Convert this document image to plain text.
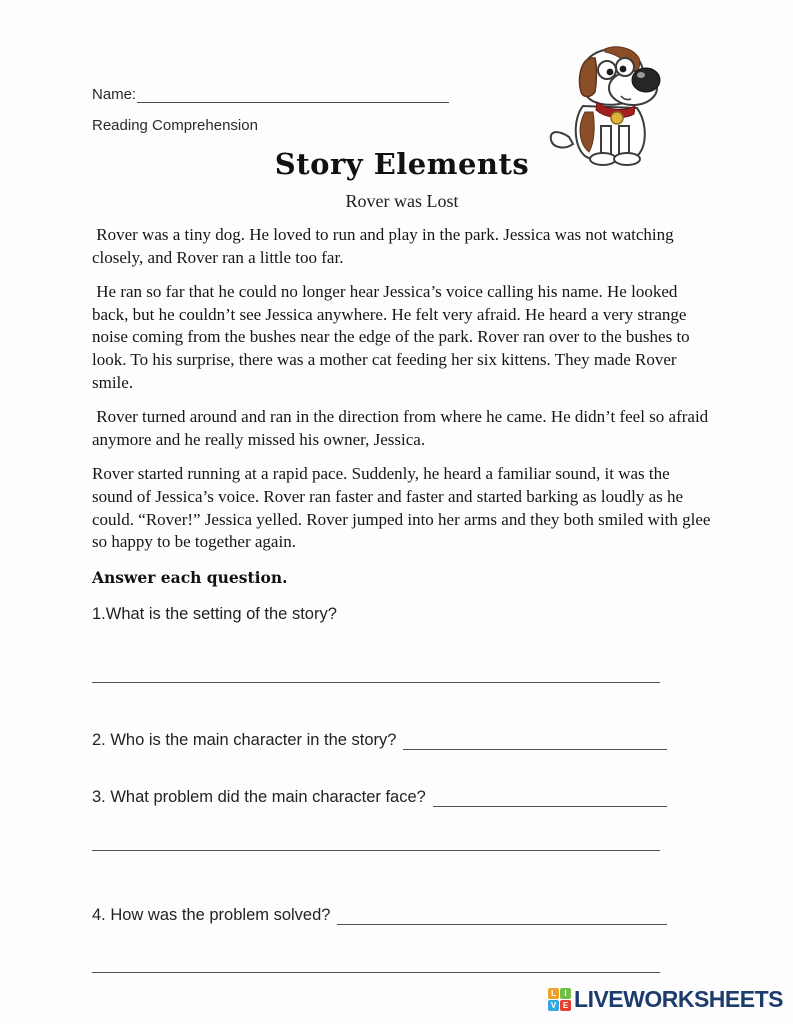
Name:
Reading Comprehension
Story Elements
Rover was Lost

Rover was a tiny dog. He loved to run and play in the park. Jessica was not watching closely, and Rover ran a little too far.

He ran so far that he could no longer hear Jessica’s voice calling his name. He looked back, but he couldn’t see Jessica anywhere. He felt very afraid. He heard a very strange noise coming from the bushes near the edge of the park. Rover ran over to the bushes to look. To his surprise, there was a mother cat feeding her six kittens. They made Rover smile.

Rover turned around and ran in the direction from where he came. He didn’t feel so afraid anymore and he really missed his owner, Jessica.

Rover started running at a rapid pace. Suddenly, he heard a familiar sound, it was the sound of Jessica’s voice. Rover ran faster and faster and started barking as loudly as he could. “Rover!” Jessica yelled. Rover jumped into her arms and they both smiled with glee so happy to be together again.

Answer each question.
1.What is the setting of the story?
2. Who is the main character in the story?
3. What problem did the main character face?
4. How was the problem solved?
L	I
V E LIVEWORKSHEETS
